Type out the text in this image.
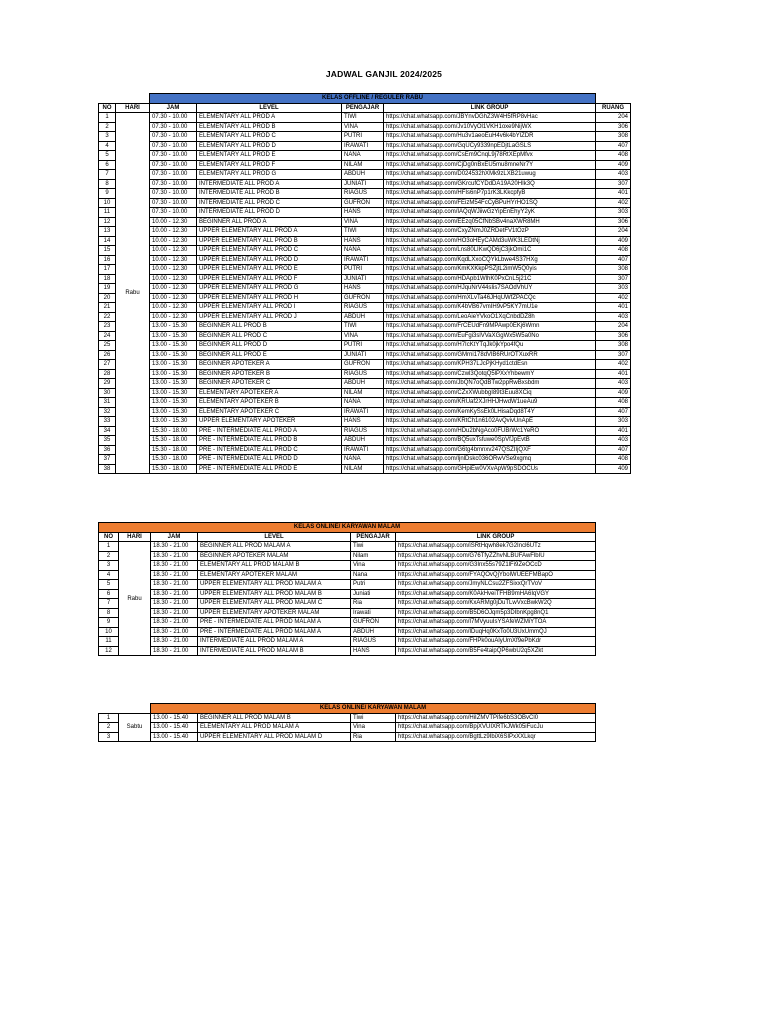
JADWAL GANJIL 2024/2025
		KELAS OFFLINE / REGULER RABU				
NO	HARI	JAM	LEVEL	PENGAJAR	LINK GROUP	RUANG
1	Rabu	07.30 - 10.00	ELEMENTARY ALL PROD A	TIWI	https://chat.whatsapp.com/JBYnvDGhZ3W4H5fRP8vHac	204
2		07.30 - 10.00	ELEMENTARY ALL PROD B	VINA	https://chat.whatsapp.com/Jv10VyOl1VKH1oxe9NijWX	306
3		07.30 - 10.00	ELEMENTARY ALL PROD C	PUTRI	https://chat.whatsapp.com/Hu3v1aeoEuH4v6k4bYlZDR	308
4		07.30 - 10.00	ELEMENTARY ALL PROD D	IRAWATI	https://chat.whatsapp.com/GqUCy9339npEDjtLaGSLS	407
5		07.30 - 10.00	ELEMENTARY ALL PROD E	NANA	https://chat.whatsapp.com/CsEm9CnqL9j78RtXEpMfvx	408
6		07.30 - 10.00	ELEMENTARY ALL PROD F	NILAM	https://chat.whatsapp.com/CjDg0nBxEU5mu8mneNr7Y	409
7		07.30 - 10.00	ELEMENTARY ALL PROD G	ABDUH	https://chat.whatsapp.com/D024532hXMk9zLXB21uwug	403
8		07.30 - 10.00	INTERMEDIATE ALL PROD A	JUNIATI	https://chat.whatsapp.com/GKrcufCYDdDA19A20HIk3Q	307
9		07.30 - 10.00	INTERMEDIATE ALL PROD B	RIAGUS	https://chat.whatsapp.com/HFIs6nP7p1rK3LKkcpfyB	401
10		07.30 - 10.00	INTERMEDIATE ALL PROD C	GUFRON	https://chat.whatsapp.com/FEizM54FcCyBPuHYrHO1SQ	402
11		07.30 - 10.00	INTERMEDIATE ALL PROD D	HANS	https://chat.whatsapp.com/IAQqWJiiwGzYipEnEhyY2yK	303
12		10.00 - 12.30	BEGINNER ALL PROD A	VINA	https://chat.whatsapp.com/EEzq05CfNbSBv4naXWR8MH	306
13		10.00 - 12.30	UPPER ELEMENTARY ALL PROD A	TIWI	https://chat.whatsapp.com/CxyZNmJ0ZRDetFV1tOzP	204
14		10.00 - 12.30	UPPER ELEMENTARY ALL PROD B	HANS	https://chat.whatsapp.com/HO3oHEyCAMd3uWK3LEDtNj	409
15		10.00 - 12.30	UPPER ELEMENTARY ALL PROD C	NANA	https://chat.whatsapp.com/Lns80LIKwQD6jC3jkOmi1C	408
16		10.00 - 12.30	UPPER ELEMENTARY ALL PROD D	IRAWATI	https://chat.whatsapp.com/KqdLXxoCQYkLbwe4S37HXg	407
17		10.00 - 12.30	UPPER ELEMENTARY ALL PROD E	PUTRI	https://chat.whatsapp.com/KmKXKkpPSZjtL2imW5Q0yis	308
18		10.00 - 12.30	UPPER ELEMENTARY ALL PROD F	JUNIATI	https://chat.whatsapp.com/HDApb1WlhK0PxCnL5j21C	307
19		10.00 - 12.30	UPPER ELEMENTARY ALL PROD G	HANS	https://chat.whatsapp.com/HJquNrV44sIis7SAOdVhUY	303
20		10.00 - 12.30	UPPER ELEMENTARY ALL PROD H	GUFRON	https://chat.whatsapp.com/HmXLvTa46JHqUWfZPACQc	402
21		10.00 - 12.30	UPPER ELEMENTARY ALL PROD I	RIAGUS	https://chat.whatsapp.com/K4bVB67vmIH9vP5KY7mU1e	401
22		10.00 - 12.30	UPPER ELEMENTARY ALL PROD J	ABDUH	https://chat.whatsapp.com/LeoAieYVkoO1XqCnbdDZ8h	403
23		13.00 - 15.30	BEGINNER ALL PROD B	TIWI	https://chat.whatsapp.com/FrCEUdFn9MPAwp0EKj6Wmn	204
24		13.00 - 15.30	BEGINNER ALL PROD C	VINA	https://chat.whatsapp.com/EuFgi3slVVaXGgWx5W5a0No	306
25		13.00 - 15.30	BEGINNER ALL PROD D	PUTRI	https://chat.whatsapp.com/H7IcKtYTqJk0jkYpo4fQu	308
26		13.00 - 15.30	BEGINNER ALL PROD E	JUNIATI	https://chat.whatsapp.com/GMrni178dVlB6RUrOTXuxRR	307
27		13.00 - 15.30	BEGINNER APOTEKER A	GUFRON	https://chat.whatsapp.com/KPH37LJcPjKHyd1ctdEsn	402
28		13.00 - 15.30	BEGINNER APOTEKER B	RIAGUS	https://chat.whatsapp.com/Czwl3QotqQ5lPXxYhbewmY	401
29		13.00 - 15.30	BEGINNER APOTEKER C	ABDUH	https://chat.whatsapp.com/JbQN7oQdBTw2ppRwBxsbdm	403
30		13.00 - 15.30	ELEMENTARY APOTEKER A	NILAM	https://chat.whatsapp.com/CZxXWubbgI89t3Euu8XCiq	409
31		13.00 - 15.30	ELEMENTARY APOTEKER B	NANA	https://chat.whatsapp.com/KRUaf2XJrHHJHwdW1ueAu9	408
32		13.00 - 15.30	ELEMENTARY APOTEKER C	IRAWATI	https://chat.whatsapp.com/KemKySsEk0LHisaDqd8T4Y	407
33		13.00 - 15.30	UPPER ELEMENTARY APOTEKER	HANS	https://chat.whatsapp.com/KRtCh1n6102AvQvivUnApE	303
34		15.30 - 18.00	PRE - INTERMEDIATE ALL PROD A	RIAGUS	https://chat.whatsapp.com/HDu2bNgAco0FUBrWc1YeRO	401
35		15.30 - 18.00	PRE - INTERMEDIATE ALL PROD B	ABDUH	https://chat.whatsapp.com/BQ5uxTsfuwe0SpVfJpEvtB	403
36		15.30 - 18.00	PRE - INTERMEDIATE ALL PROD C	IRAWATI	https://chat.whatsapp.com/G6tg4bmnxv247QSZIIjQXF	407
37		15.30 - 18.00	PRE - INTERMEDIATE ALL PROD D	NANA	https://chat.whatsapp.com/IjnlDskc036ORwVSe9xgmq	408
38		15.30 - 18.00	PRE - INTERMEDIATE ALL PROD E	NILAM	https://chat.whatsapp.com/GHpiEw0VXvApW9pSDOCUs	409
KELAS ONLINE/ KARYAWAN MALAM					
NO	HARI	JAM	LEVEL	PENGAJAR	LINK GROUP
1	Rabu	18.30 - 21.00	BEGINNER ALL PROD MALAM A	Tiwi	https://chat.whatsapp.com/iSRtHqwh8ek7G2Incl6UTz
2		18.30 - 21.00	BEGINNER APOTEKER MALAM	Nilam	https://chat.whatsapp.com/G76TfyZZhvNLBUFAwFlbIU
3		18.30 - 21.00	ELEMENTARY ALL PROD MALAM B	Vina	https://chat.whatsapp.com/G3Inx55s79Z1lFi9ZeOCcD
4		18.30 - 21.00	ELEMENTARY APOTEKER MALAM	Nana	https://chat.whatsapp.com/FYAQOvQjYbolWUEEFMBapO
5		18.30 - 21.00	UPPER ELEMENTARY ALL PROD MALAM A	Putri	https://chat.whatsapp.com/JmyNLCsu2ZFSixxQrTVoV
6		18.30 - 21.00	UPPER ELEMENTARY ALL PROD MALAM B	Juniati	https://chat.whatsapp.com/K0AkHveiTFHB9mHA6IqVGY
7		18.30 - 21.00	UPPER ELEMENTARY ALL PROD MALAM C	Ria	https://chat.whatsapp.com/KxARMg0jDuTLwVxcBwkW2Q
8		18.30 - 21.00	UPPER ELEMENTARY APOTEKER MALAM	Irawati	https://chat.whatsapp.com/B5D6OJqm5p3DIbnKpg8nQ1
9		18.30 - 21.00	PRE - INTERMEDIATE ALL PROD MALAM A	GUFRON	https://chat.whatsapp.com/I7MVyuuIsYSAfeWZMiYTOA
10		18.30 - 21.00	PRE - INTERMEDIATE ALL PROD MALAM A	ABDUH	https://chat.whatsapp.com/IDuqHq0KxTo0U3UxUmmQJ
11		18.30 - 21.00	INTERMEDIATE ALL PROD MALAM A	RIAGUS	https://chat.whatsapp.com/FHPk0ouAlyUmXf9ePbKdr
12		18.30 - 21.00	INTERMEDIATE ALL PROD MALAM B	HANS	https://chat.whatsapp.com/B5Fe4taipQP6wbU2q5XZkt
		KELAS ONLINE/ KARYAWAN MALAM			
1	Sabtu	13.00 - 15.40	BEGINNER ALL PROD MALAM B	Tiwi	https://chat.whatsapp.com/HiIZMVTPife6bS3OBvCl0
2		13.00 - 15.40	ELEMENTARY ALL PROD MALAM A	Vina	https://chat.whatsapp.com/BpjXVUIXRTkJWk05iFucJu
3		13.00 - 15.40	UPPER ELEMENTARY ALL PROD MALAM D	Ria	https://chat.whatsapp.com/BgttLz9IbiX6SIPxXXLkqr
